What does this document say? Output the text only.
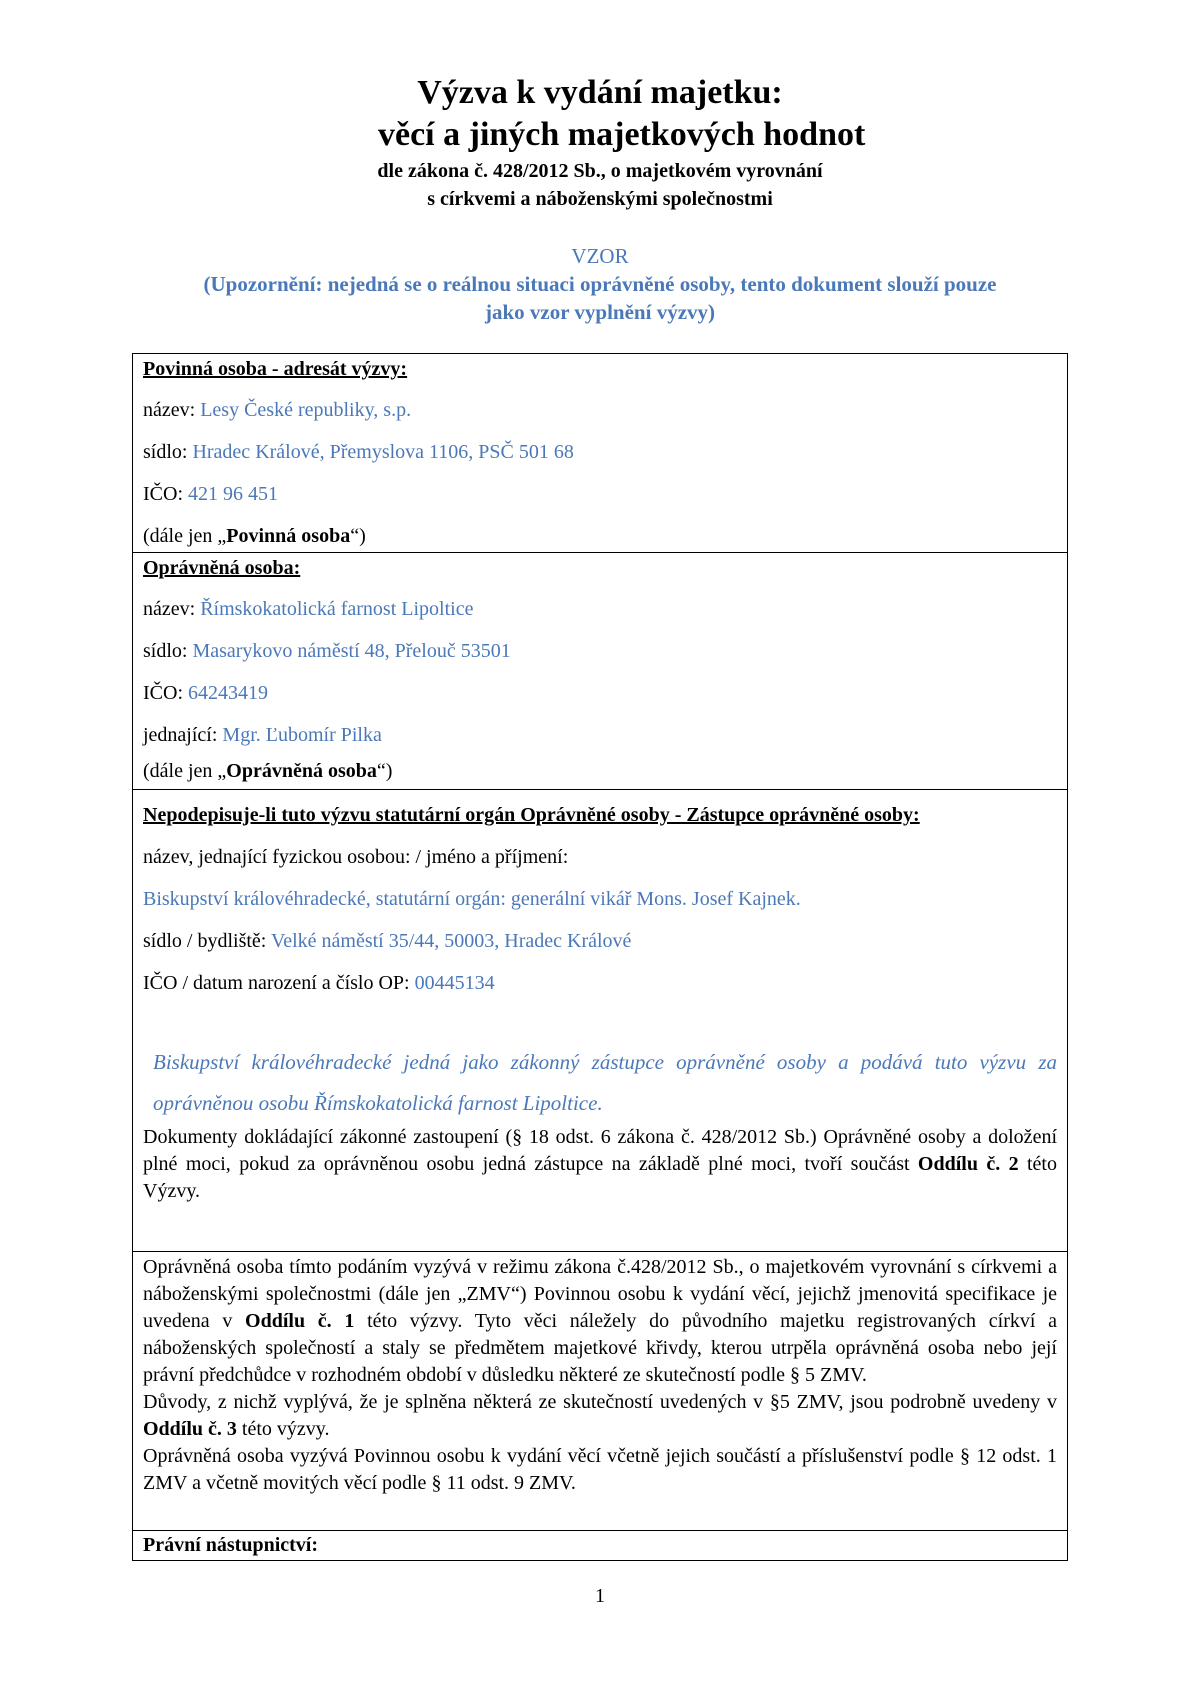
Výzva k vydání majetku:
věcí a jiných majetkových hodnot
dle zákona č. 428/2012 Sb., o majetkovém vyrovnání
s církvemi a náboženskými společnostmi
VZOR
(Upozornění: nejedná se o reálnou situaci oprávněné osoby, tento dokument slouží pouze
jako vzor vyplnění výzvy)
Povinná osoba - adresát výzvy:
název: Lesy České republiky, s.p.
sídlo: Hradec Králové, Přemyslova 1106, PSČ 501 68
IČO: 421 96 451
(dále jen „Povinná osoba“)
Oprávněná osoba:
název: Římskokatolická farnost Lipoltice
sídlo: Masarykovo náměstí 48, Přelouč 53501
IČO: 64243419
jednající: Mgr. Ľubomír Pilka
(dále jen „Oprávněná osoba“)
Nepodepisuje-li tuto výzvu statutární orgán Oprávněné osoby - Zástupce oprávněné osoby:
název, jednající fyzickou osobou: / jméno a příjmení:
Biskupství královéhradecké, statutární orgán: generální vikář Mons. Josef Kajnek.
sídlo / bydliště: Velké náměstí 35/44, 50003, Hradec Králové
IČO / datum narození a číslo OP: 00445134
Biskupství královéhradecké jedná jako zákonný zástupce oprávněné osoby a podává tuto výzvu za oprávněnou osobu Římskokatolická farnost Lipoltice.
Dokumenty dokládající zákonné zastoupení (§ 18 odst. 6 zákona č. 428/2012 Sb.) Oprávněné osoby a doložení plné moci, pokud za oprávněnou osobu jedná zástupce na základě plné moci, tvoří součást Oddílu č. 2 této Výzvy.
Oprávněná osoba tímto podáním vyzývá v režimu zákona č.428/2012 Sb., o majetkovém vyrovnání s církvemi a náboženskými společnostmi (dále jen „ZMV“) Povinnou osobu k vydání věcí, jejichž jmenovitá specifikace je uvedena v Oddílu č. 1 této výzvy. Tyto věci náležely do původního majetku registrovaných církví a náboženských společností a staly se předmětem majetkové křivdy, kterou utrpěla oprávněná osoba nebo její právní předchůdce v rozhodném období v důsledku některé ze skutečností podle § 5 ZMV.
Důvody, z nichž vyplývá, že je splněna některá ze skutečností uvedených v §5 ZMV, jsou podrobně uvedeny v Oddílu č. 3 této výzvy.
Oprávněná osoba vyzývá Povinnou osobu k vydání věcí včetně jejich součástí a příslušenství podle § 12 odst. 1 ZMV a včetně movitých věcí podle § 11 odst. 9 ZMV.
Právní nástupnictví:
1
